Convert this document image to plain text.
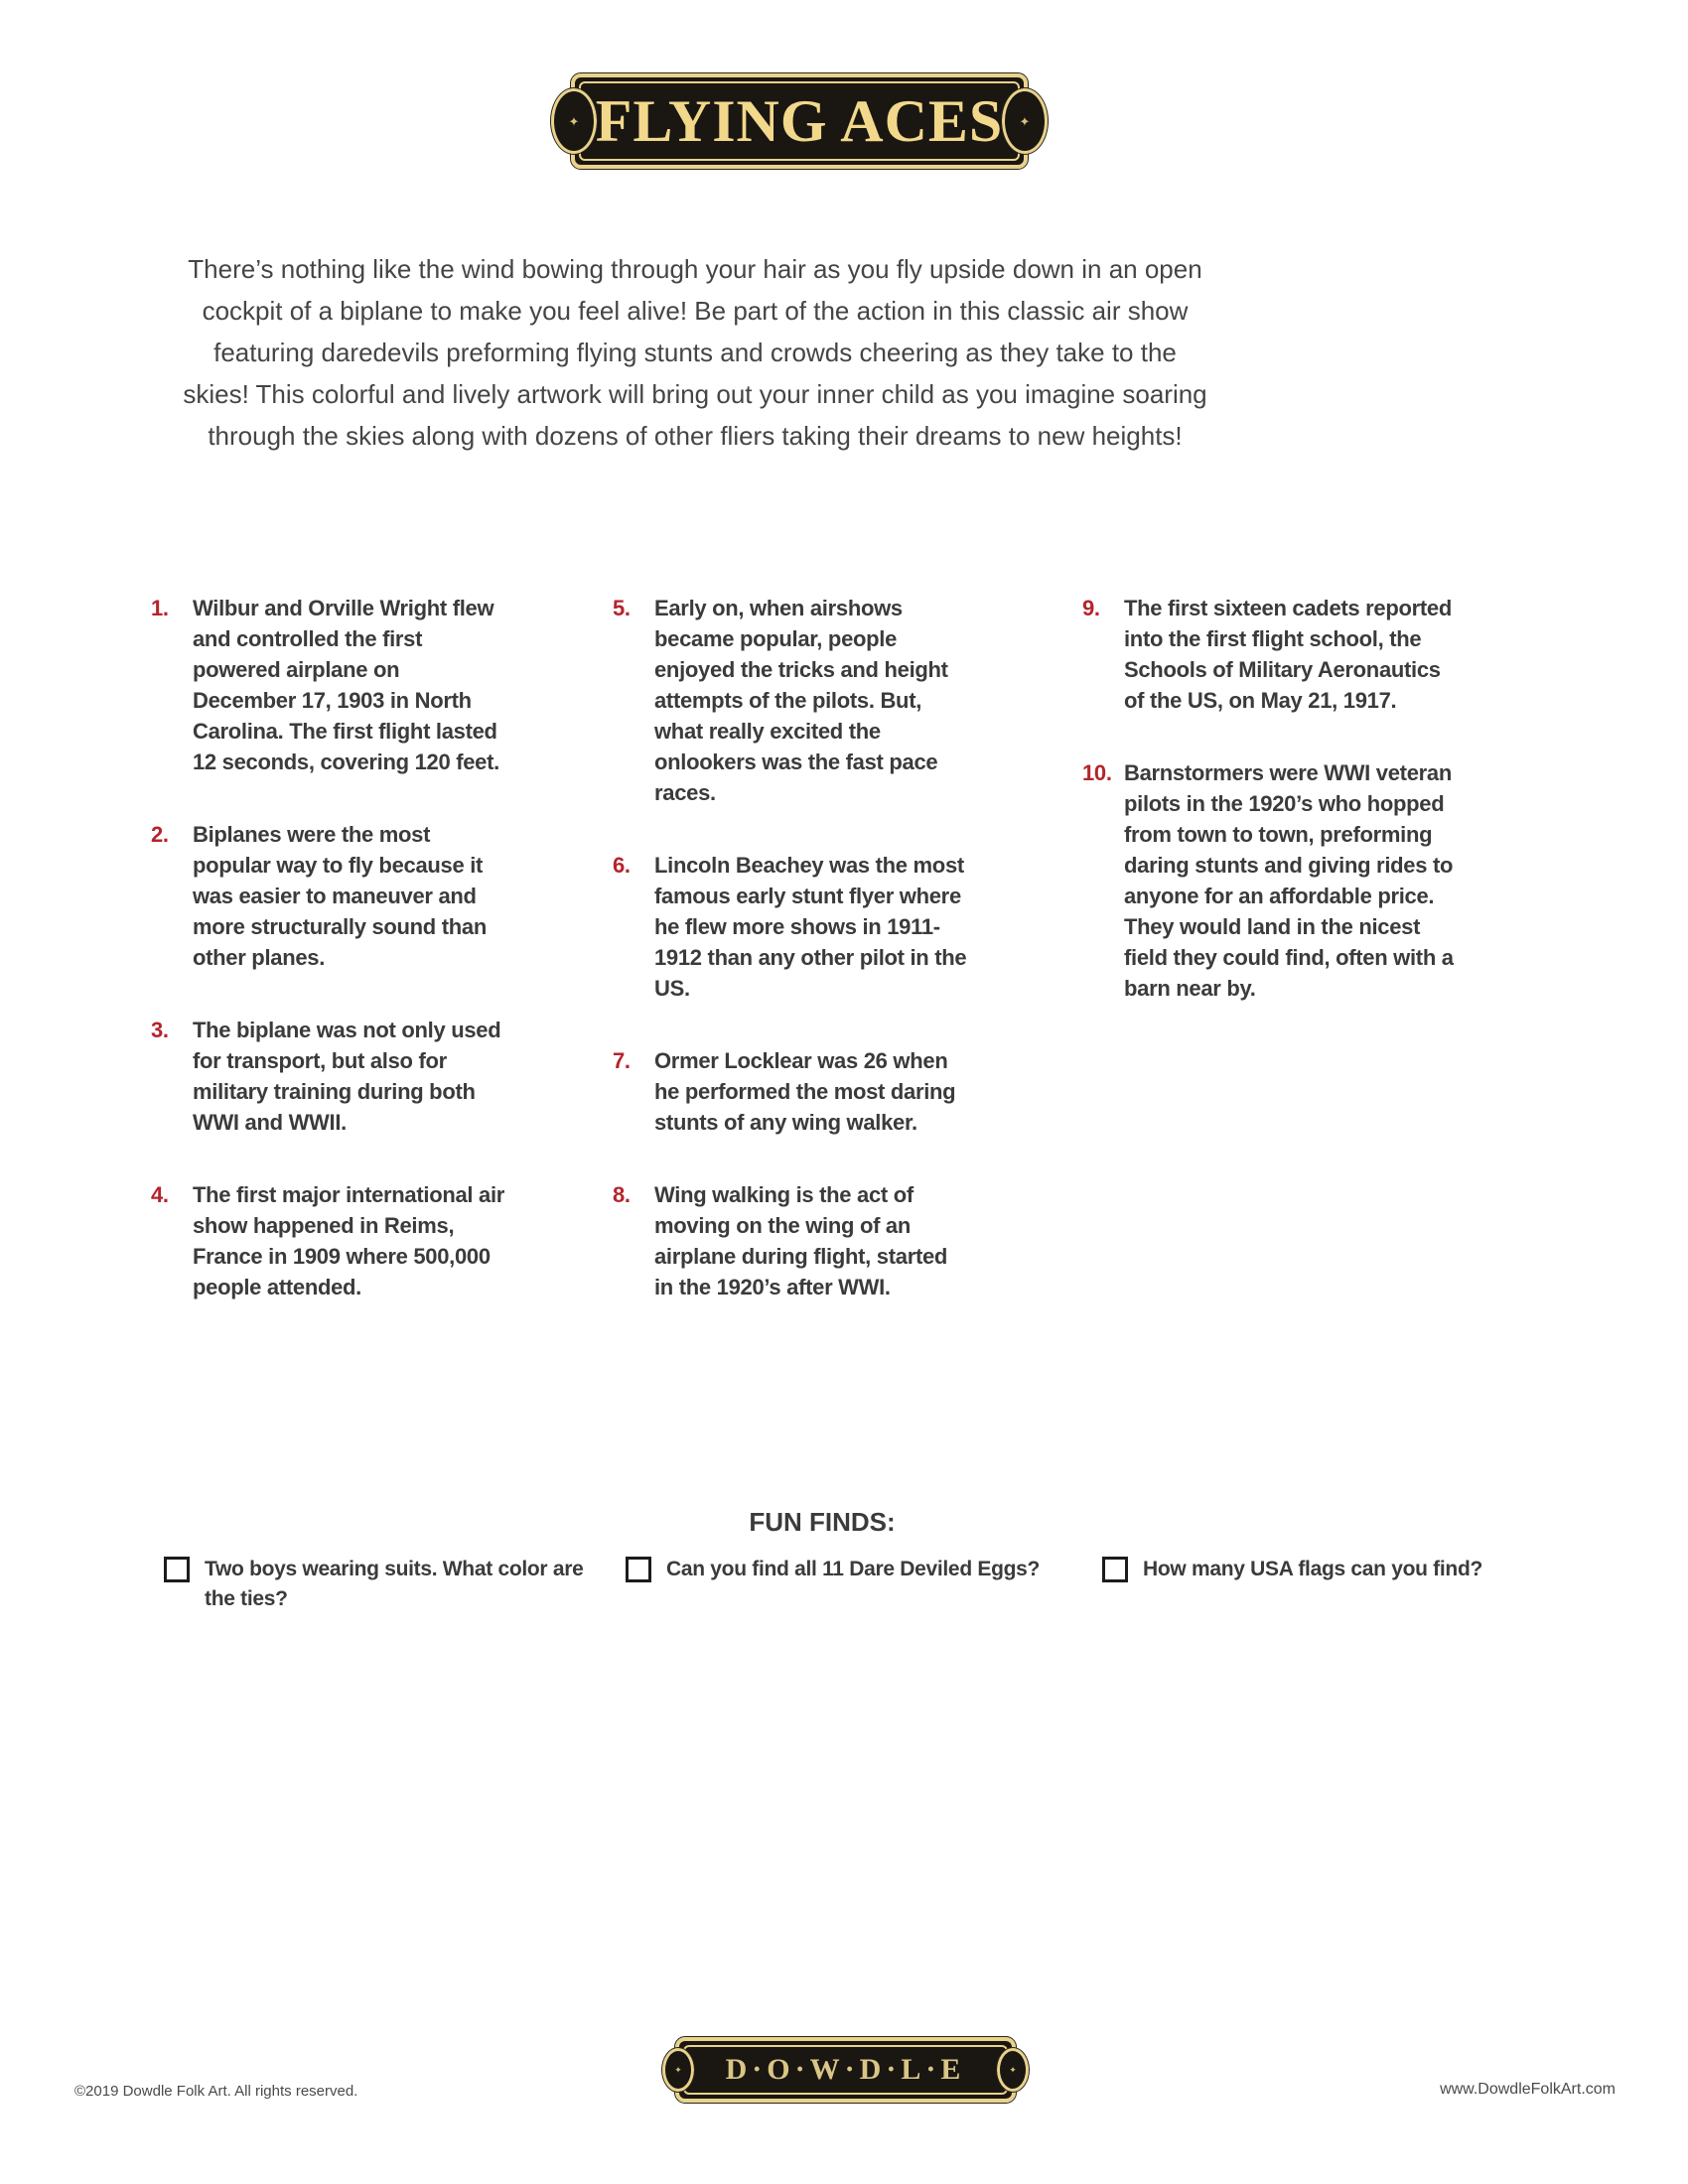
✦	✦
FLYING ACES
There’s nothing like the wind bowing through your hair as you fly upside down in an open
cockpit of a biplane to make you feel alive! Be part of the action in this classic air show
featuring daredevils preforming flying stunts and crowds cheering as they take to the
skies! This colorful and lively artwork will bring out your inner child as you imagine soaring
through the skies along with dozens of other fliers taking their dreams to new heights!
1.	Wilbur and Orville Wright flew and controlled the first powered airplane on December 17, 1903 in North Carolina. The first flight lasted 12 seconds, covering 120 feet.
2.	Biplanes were the most popular way to fly because it was easier to maneuver and more structurally sound than other planes.
3.	The biplane was not only used for transport, but also for military training during both WWI and WWII.
4.	The first major international air show happened in Reims, France in 1909 where 500,000 people attended.
5.	Early on, when airshows became popular, people enjoyed the tricks and height attempts of the pilots. But, what really excited the onlookers was the fast pace races.
6.	Lincoln Beachey was the most famous early stunt flyer where he flew more shows in 1911-1912 than any other pilot in the US.
7.	Ormer Locklear was 26 when he performed the most daring stunts of any wing walker.
8.	Wing walking is the act of moving on the wing of an airplane during flight, started in the 1920’s after WWI.
9.	The first sixteen cadets reported into the first flight school, the Schools of Military Aeronautics of the US, on May 21, 1917.
10. Barnstormers were WWI veteran pilots in the 1920’s who hopped from town to town, preforming daring stunts and giving rides to anyone for an affordable price. They would land in the nicest field they could find, often with a barn near by.
FUN FINDS:
Two boys wearing suits. What color are the ties?
Can you find all 11 Dare Deviled Eggs?	How many USA flags can you find?
✦	✦
D·O·W·D·L·E
©2019 Dowdle Folk Art. All rights reserved.	www.DowdleFolkArt.com
